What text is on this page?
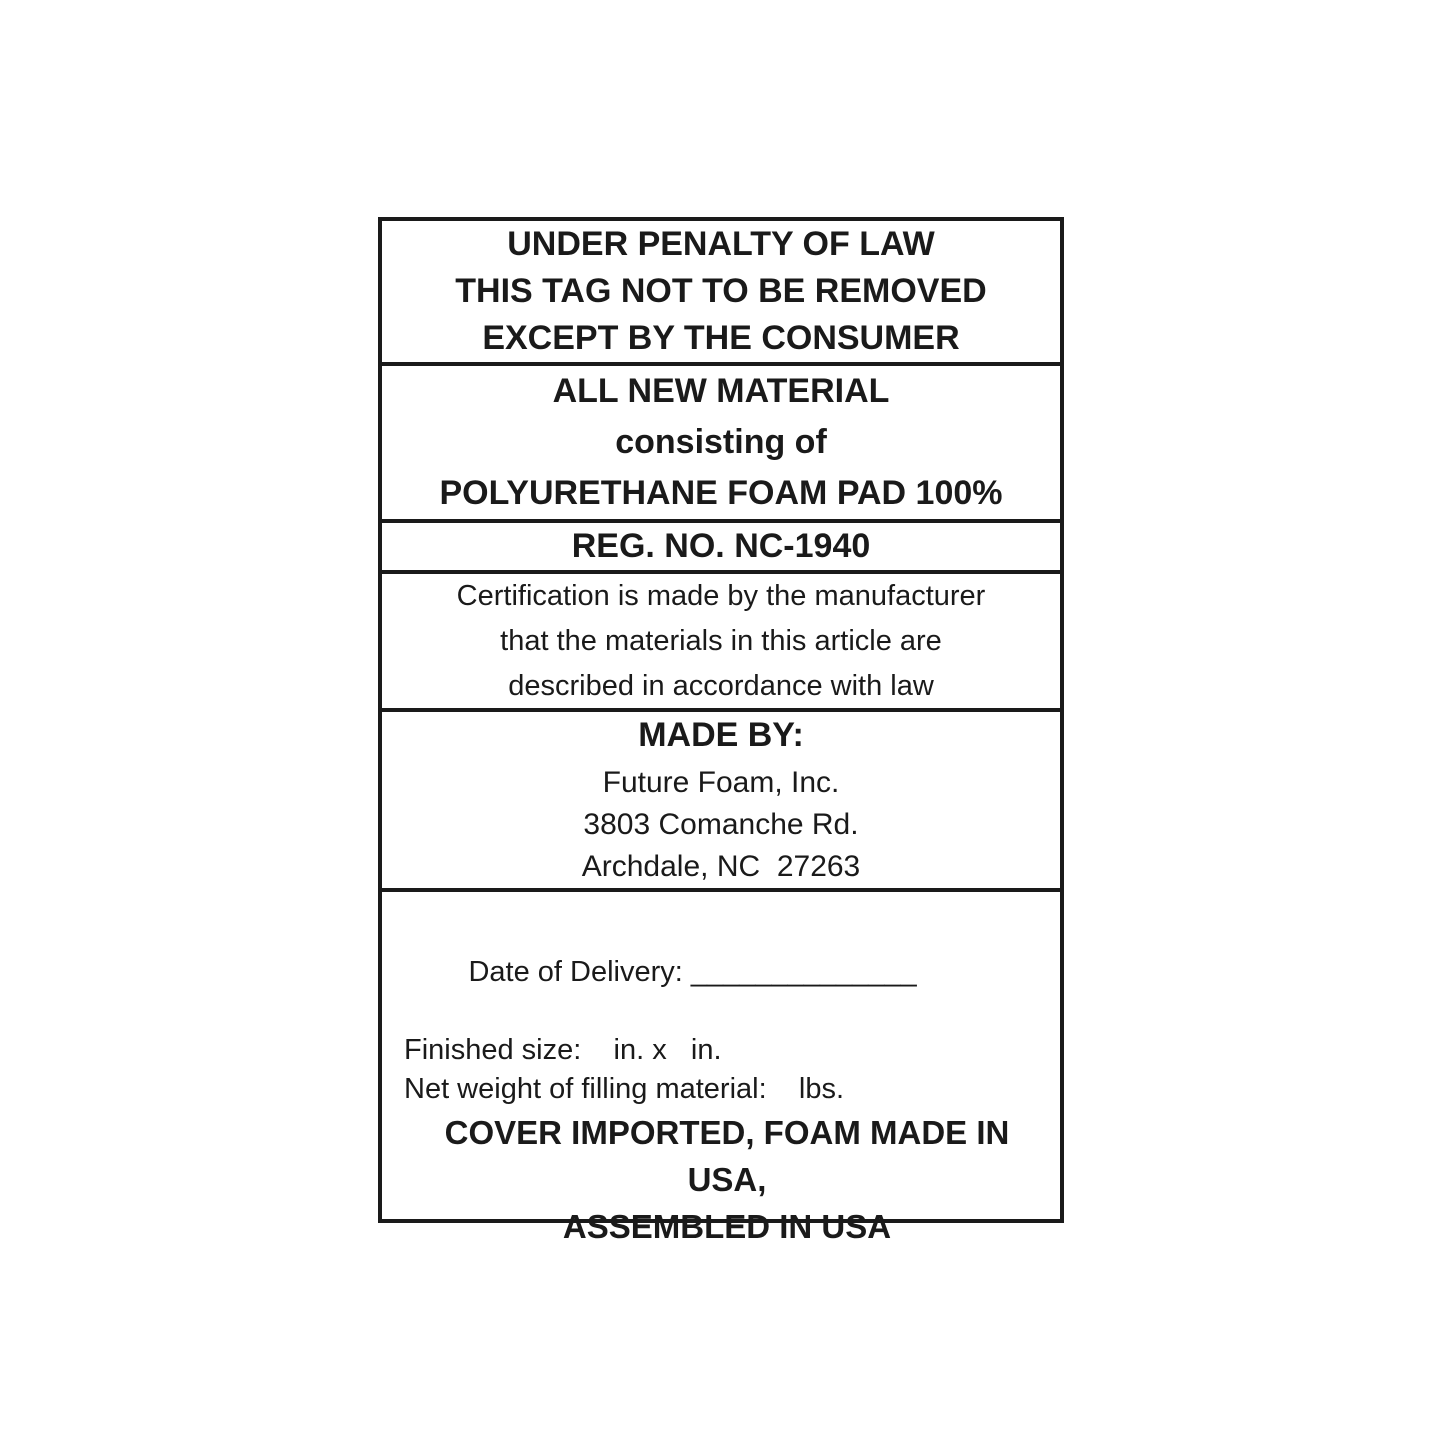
UNDER PENALTY OF LAW
THIS TAG NOT TO BE REMOVED
EXCEPT BY THE CONSUMER
ALL NEW MATERIAL
consisting of
POLYURETHANE FOAM PAD 100%
REG. NO. NC-1940
Certification is made by the manufacturer
that the materials in this article are
described in accordance with law
MADE BY:
Future Foam, Inc.
3803 Comanche Rd.
Archdale, NC  27263

Date of Delivery: ______________

Finished size:    in. x   in.
Net weight of filling material:    lbs.
COVER IMPORTED, FOAM MADE IN USA,
ASSEMBLED IN USA
